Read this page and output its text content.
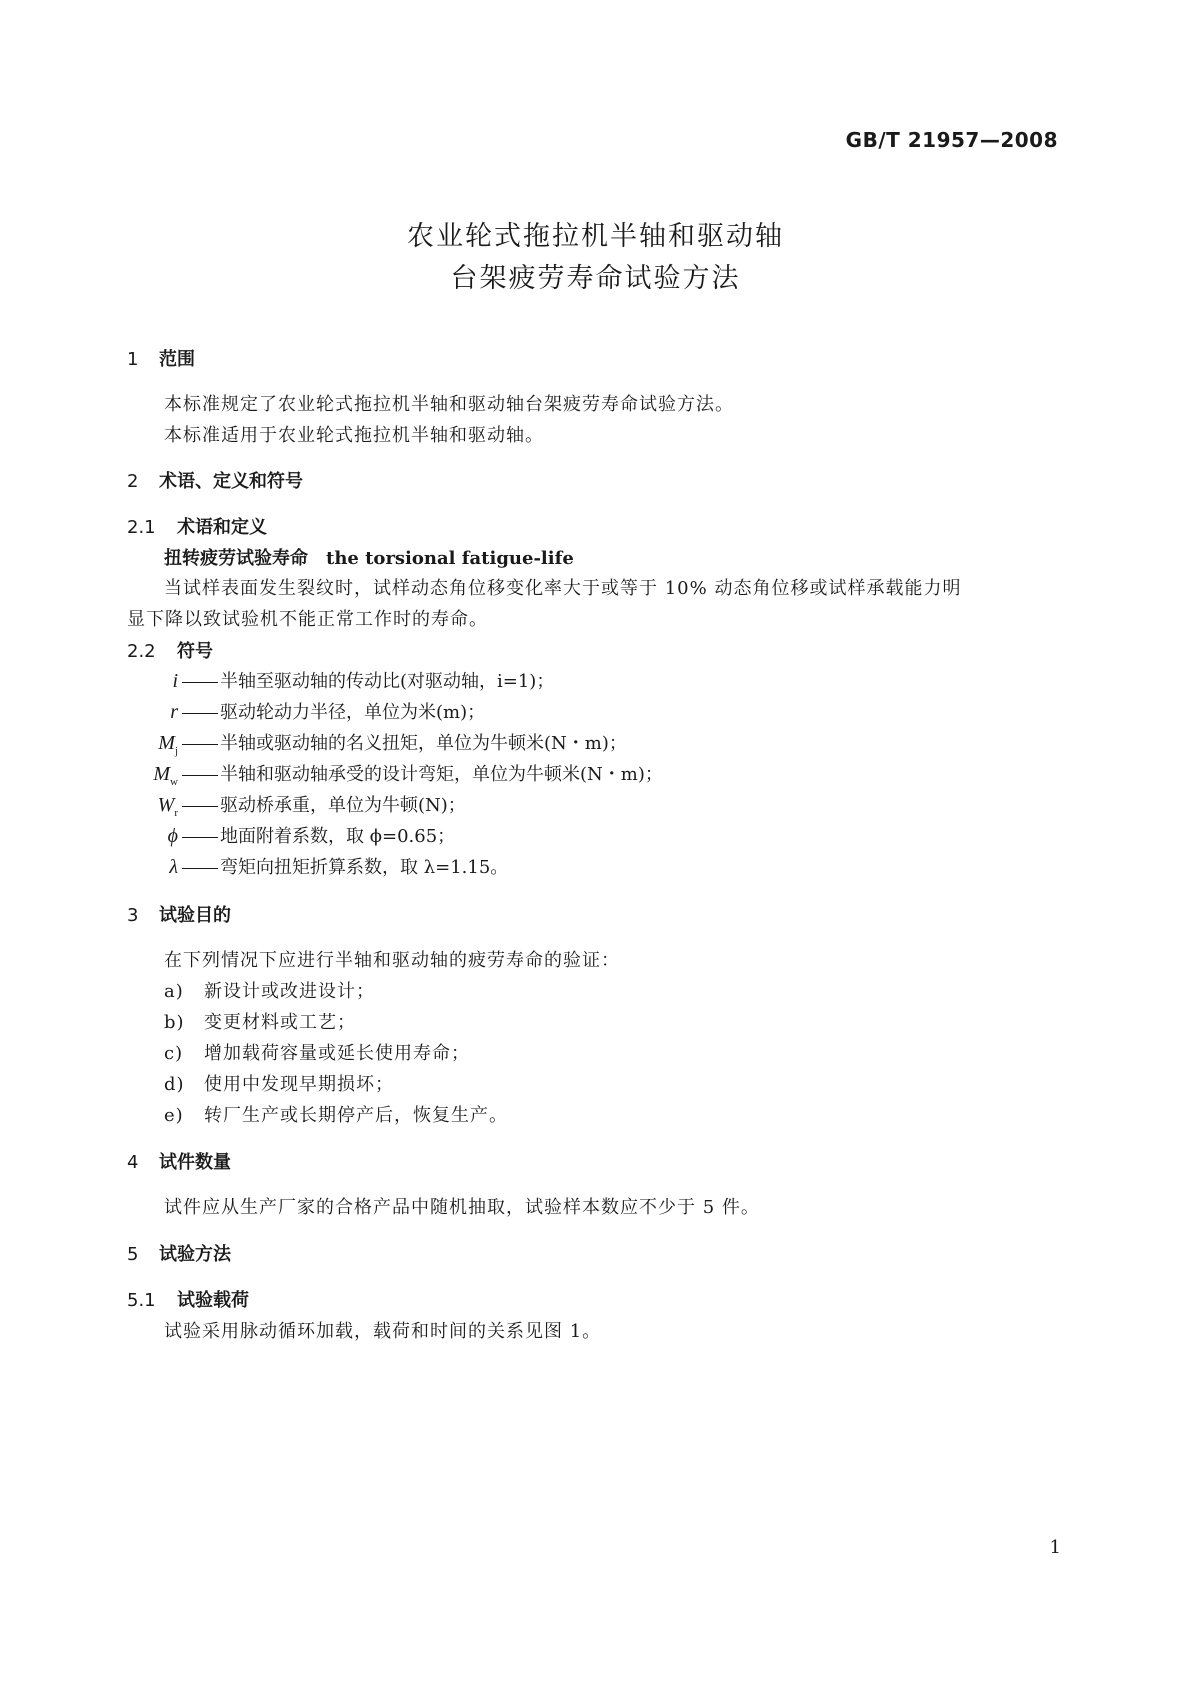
GB/T 21957—2008
农业轮式拖拉机半轴和驱动轴
台架疲劳寿命试验方法
1 范围
本标准规定了农业轮式拖拉机半轴和驱动轴台架疲劳寿命试验方法。
本标准适用于农业轮式拖拉机半轴和驱动轴。
2 术语、定义和符号
2.1 术语和定义
扭转疲劳试验寿命 the torsional fatigue-life
当试样表面发生裂纹时，试样动态角位移变化率大于或等于 10% 动态角位移或试样承载能力明
显下降以致试验机不能正常工作时的寿命。
2.2 符号
i 半轴至驱动轴的传动比(对驱动轴，i=1)；
r 驱动轮动力半径，单位为米(m)；
$M_j$ 半轴或驱动轴的名义扭矩，单位为牛顿米(N・m)；
$M_w$ 半轴和驱动轴承受的设计弯矩，单位为牛顿米(N・m)；
$W_r$ 驱动桥承重，单位为牛顿(N)；
ϕ 地面附着系数，取 ϕ=0.65；
λ 弯矩向扭矩折算系数，取 λ=1.15。
3 试验目的
在下列情况下应进行半轴和驱动轴的疲劳寿命的验证：
a) 新设计或改进设计；
b) 变更材料或工艺；
c) 增加载荷容量或延长使用寿命；
d) 使用中发现早期损坏；
e) 转厂生产或长期停产后，恢复生产。
4 试件数量
试件应从生产厂家的合格产品中随机抽取，试验样本数应不少于 5 件。
5 试验方法
5.1 试验载荷
试验采用脉动循环加载，载荷和时间的关系见图 1。
1
